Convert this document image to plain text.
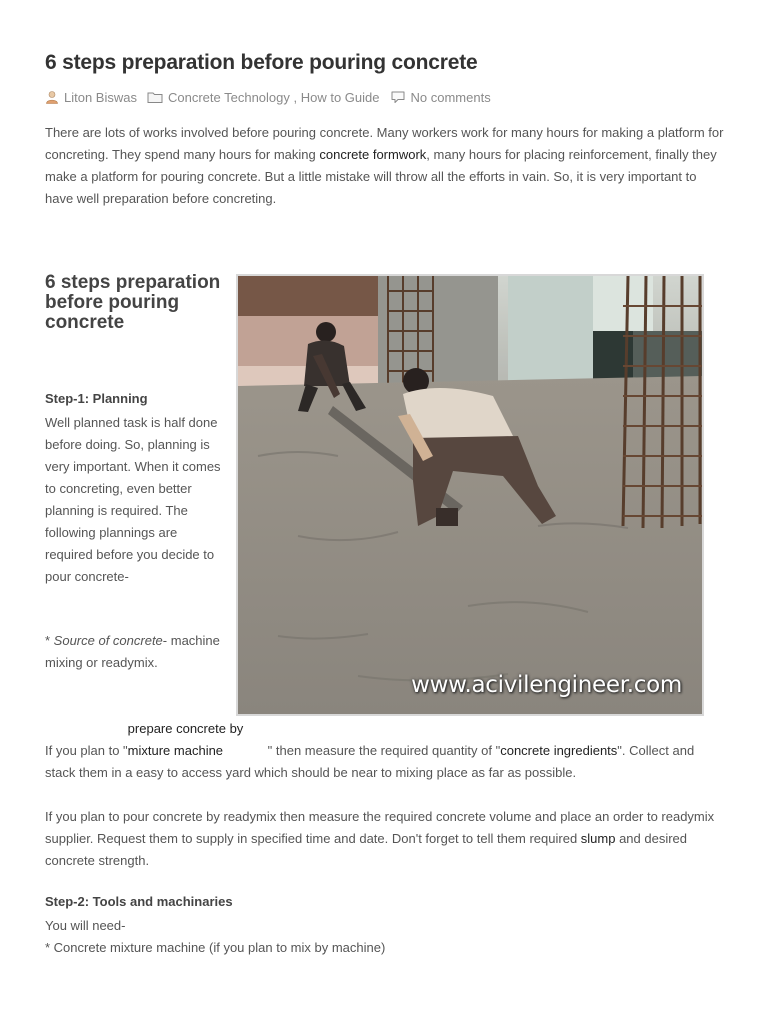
6 steps preparation before pouring concrete
Liton Biswas Concrete Technology , How to Guide No comments

There are lots of works involved before pouring concrete. Many workers work for many hours for making a platform for concreting. They spend many hours for making concrete formwork, many hours for placing reinforcement, finally they make a platform for pouring concrete. But a little mistake will throw all the efforts in vain. So, it is very important to have well preparation before concreting.

6 steps preparation before pouring concrete
Step-1: Planning

Well planned task is half done before doing. So, planning is very important. When it comes to concreting, even better planning is required. The following plannings are required before you decide to pour concrete-

* Source of concrete- machine mixing or readymix.

www.acivilengineer.com

If you plan to "prepare concrete by mixture machine	" then measure the required quantity of "concrete ingredients". Collect and stack them in a easy to access yard which should be near to mixing place as far as possible.

If you plan to pour concrete by readymix then measure the required concrete volume and place an order to readymix supplier. Request them to supply in specified time and date. Don't forget to tell them required slump and desired concrete strength.

Step-2: Tools and machinaries

You will need-
* Concrete mixture machine (if you plan to mix by machine)
